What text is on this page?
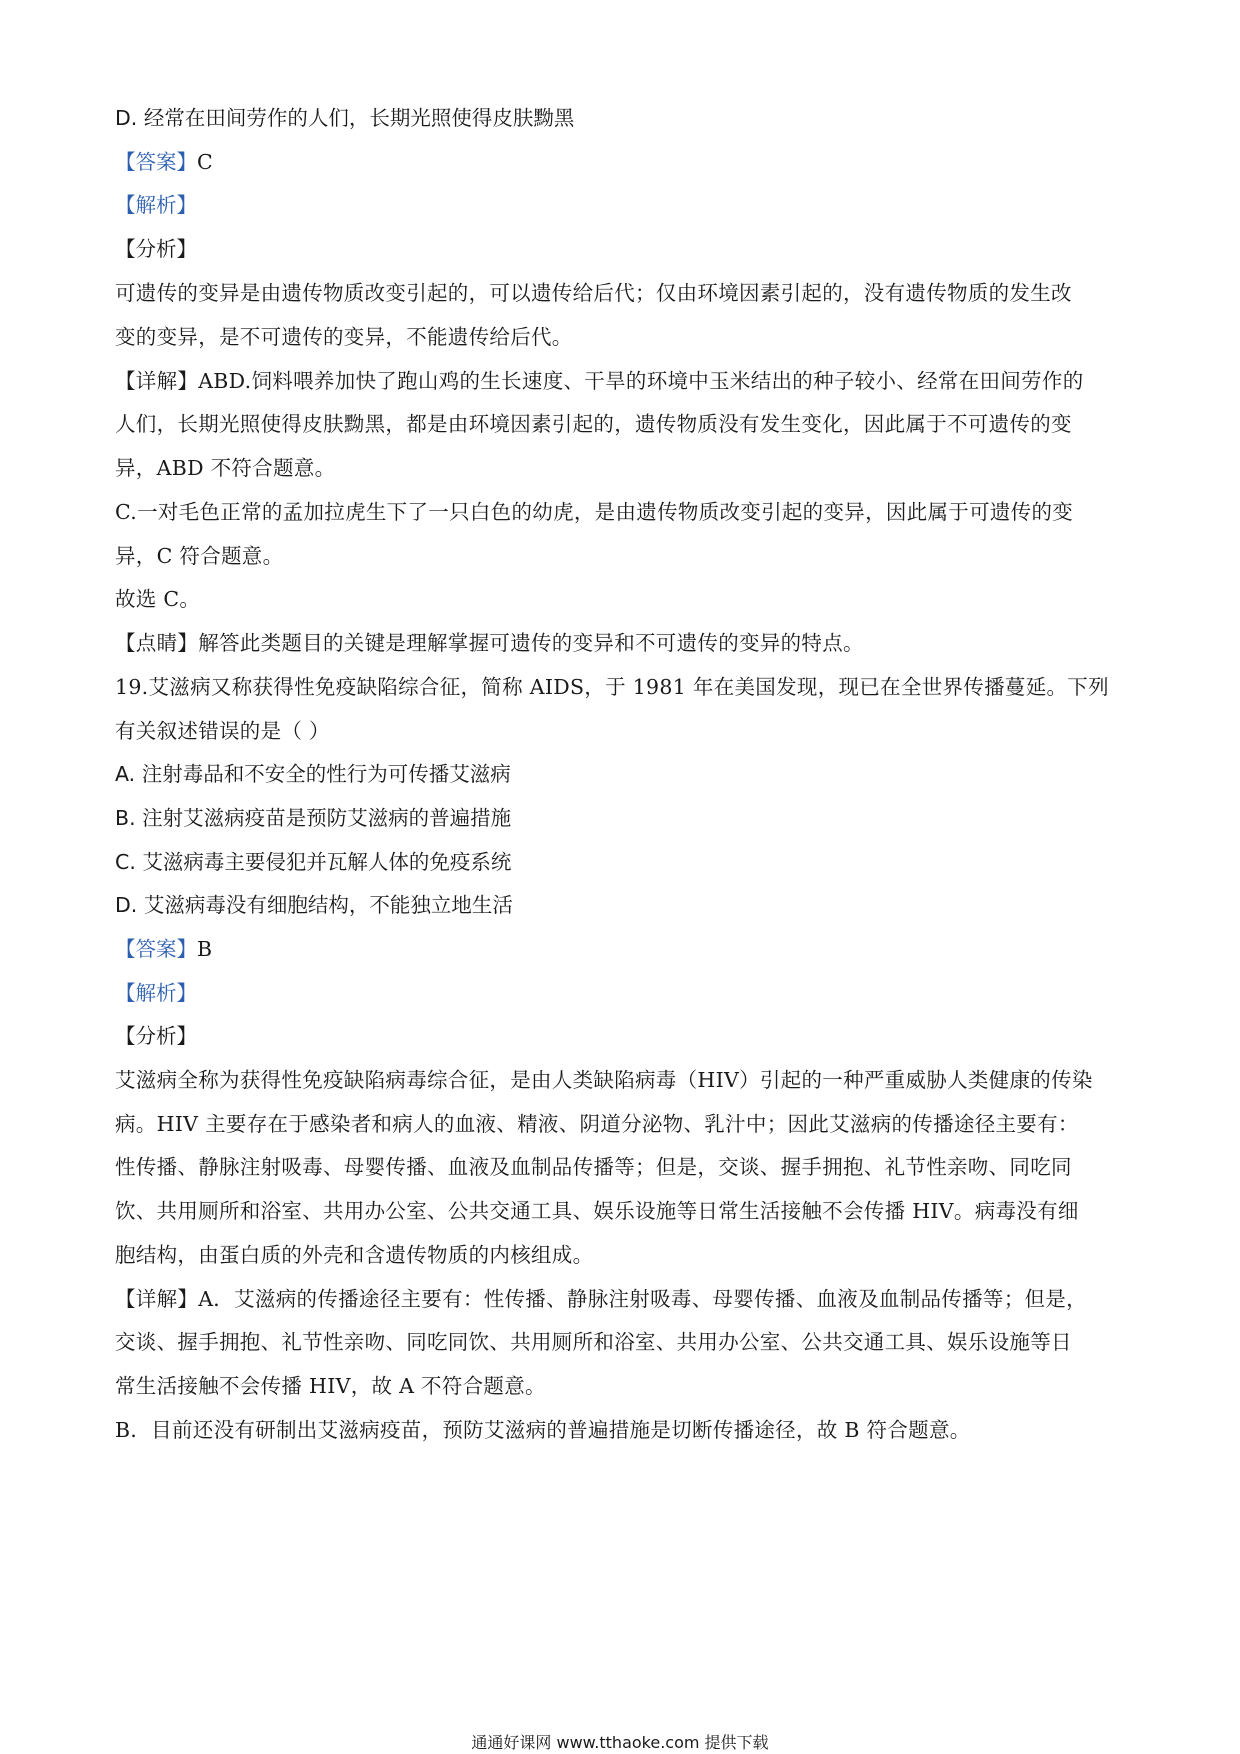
D. 经常在田间劳作的人们，长期光照使得皮肤黝黑
【答案】C
【解析】
【分析】
可遗传的变异是由遗传物质改变引起的，可以遗传给后代；仅由环境因素引起的，没有遗传物质的发生改
变的变异，是不可遗传的变异，不能遗传给后代。
【详解】ABD.饲料喂养加快了跑山鸡的生长速度、干旱的环境中玉米结出的种子较小、经常在田间劳作的
人们，长期光照使得皮肤黝黑，都是由环境因素引起的，遗传物质没有发生变化，因此属于不可遗传的变
异，ABD 不符合题意。
C.一对毛色正常的孟加拉虎生下了一只白色的幼虎，是由遗传物质改变引起的变异，因此属于可遗传的变
异，C 符合题意。
故选 C。
【点睛】解答此类题目的关键是理解掌握可遗传的变异和不可遗传的变异的特点。
19.艾滋病又称获得性免疫缺陷综合征，简称 AIDS，于 1981 年在美国发现，现已在全世界传播蔓延。下列
有关叙述错误的是（ ）
A. 注射毒品和不安全的性行为可传播艾滋病
B. 注射艾滋病疫苗是预防艾滋病的普遍措施
C. 艾滋病毒主要侵犯并瓦解人体的免疫系统
D. 艾滋病毒没有细胞结构，不能独立地生活
【答案】B
【解析】
【分析】
艾滋病全称为获得性免疫缺陷病毒综合征，是由人类缺陷病毒（HIV）引起的一种严重威胁人类健康的传染
病。HIV 主要存在于感染者和病人的血液、精液、阴道分泌物、乳汁中；因此艾滋病的传播途径主要有：
性传播、静脉注射吸毒、母婴传播、血液及血制品传播等；但是，交谈、握手拥抱、礼节性亲吻、同吃同
饮、共用厕所和浴室、共用办公室、公共交通工具、娱乐设施等日常生活接触不会传播 HIV。病毒没有细
胞结构，由蛋白质的外壳和含遗传物质的内核组成。
【详解】A．艾滋病的传播途径主要有：性传播、静脉注射吸毒、母婴传播、血液及血制品传播等；但是，
交谈、握手拥抱、礼节性亲吻、同吃同饮、共用厕所和浴室、共用办公室、公共交通工具、娱乐设施等日
常生活接触不会传播 HIV，故 A 不符合题意。
B．目前还没有研制出艾滋病疫苗，预防艾滋病的普遍措施是切断传播途径，故 B 符合题意。
通通好课网 www.tthaoke.com 提供下载
